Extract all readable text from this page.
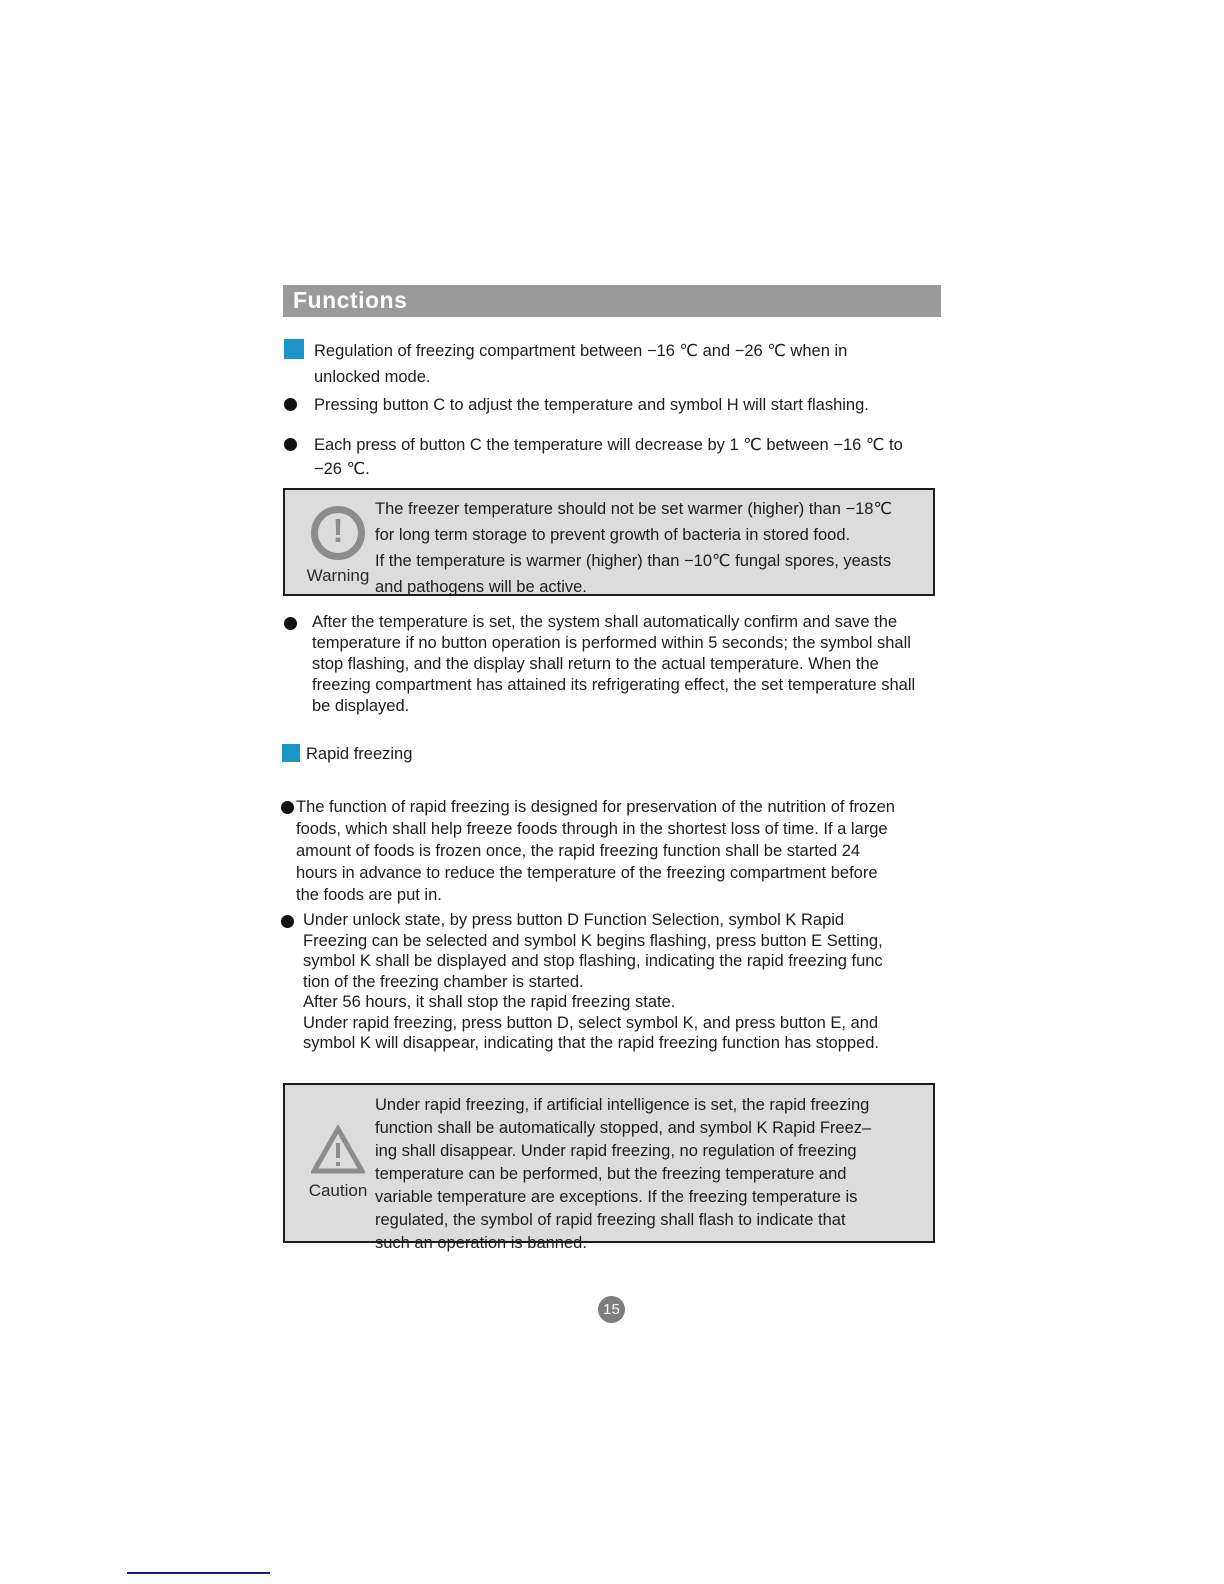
Functions
Regulation of freezing compartment between −16 ℃ and −26 ℃ when in
unlocked mode.
Pressing button C to adjust the temperature and symbol H will start flashing.
Each press of button C the temperature will decrease by 1 ℃ between −16 ℃ to
−26 ℃.
!
Warning
The freezer temperature should not be set warmer (higher) than −18℃
for long term storage to prevent growth of bacteria in stored food.
If the temperature is warmer (higher) than −10℃ fungal spores, yeasts
and pathogens will be active.
After the temperature is set, the system shall automatically confirm and save the
temperature if no button operation is performed within 5 seconds; the symbol shall
stop flashing, and the display shall return to the actual temperature. When the
freezing compartment has attained its refrigerating effect, the set temperature shall
be displayed.
Rapid freezing
The function of rapid freezing is designed for preservation of the nutrition of frozen
foods, which shall help freeze foods through in the shortest loss of time. If a large
amount of foods is frozen once, the rapid freezing function shall be started 24
hours in advance to reduce the temperature of the freezing compartment before
the foods are put in.
Under unlock state, by press button D Function Selection, symbol K Rapid
Freezing can be selected and symbol K begins flashing, press button E Setting,
symbol K shall be displayed and stop flashing, indicating the rapid freezing func
tion of the freezing chamber is started.
After 56 hours, it shall stop the rapid freezing state.
Under rapid freezing, press button D, select symbol K, and press button E, and
symbol K will disappear, indicating that the rapid freezing function has stopped.
Caution
Under rapid freezing, if artificial intelligence is set, the rapid freezing
function shall be automatically stopped, and symbol K Rapid Freez–
ing shall disappear. Under rapid freezing, no regulation of freezing
temperature can be performed, but the freezing temperature and
variable temperature are exceptions. If the freezing temperature is
regulated, the symbol of rapid freezing shall flash to indicate that
such an operation is banned.
15
